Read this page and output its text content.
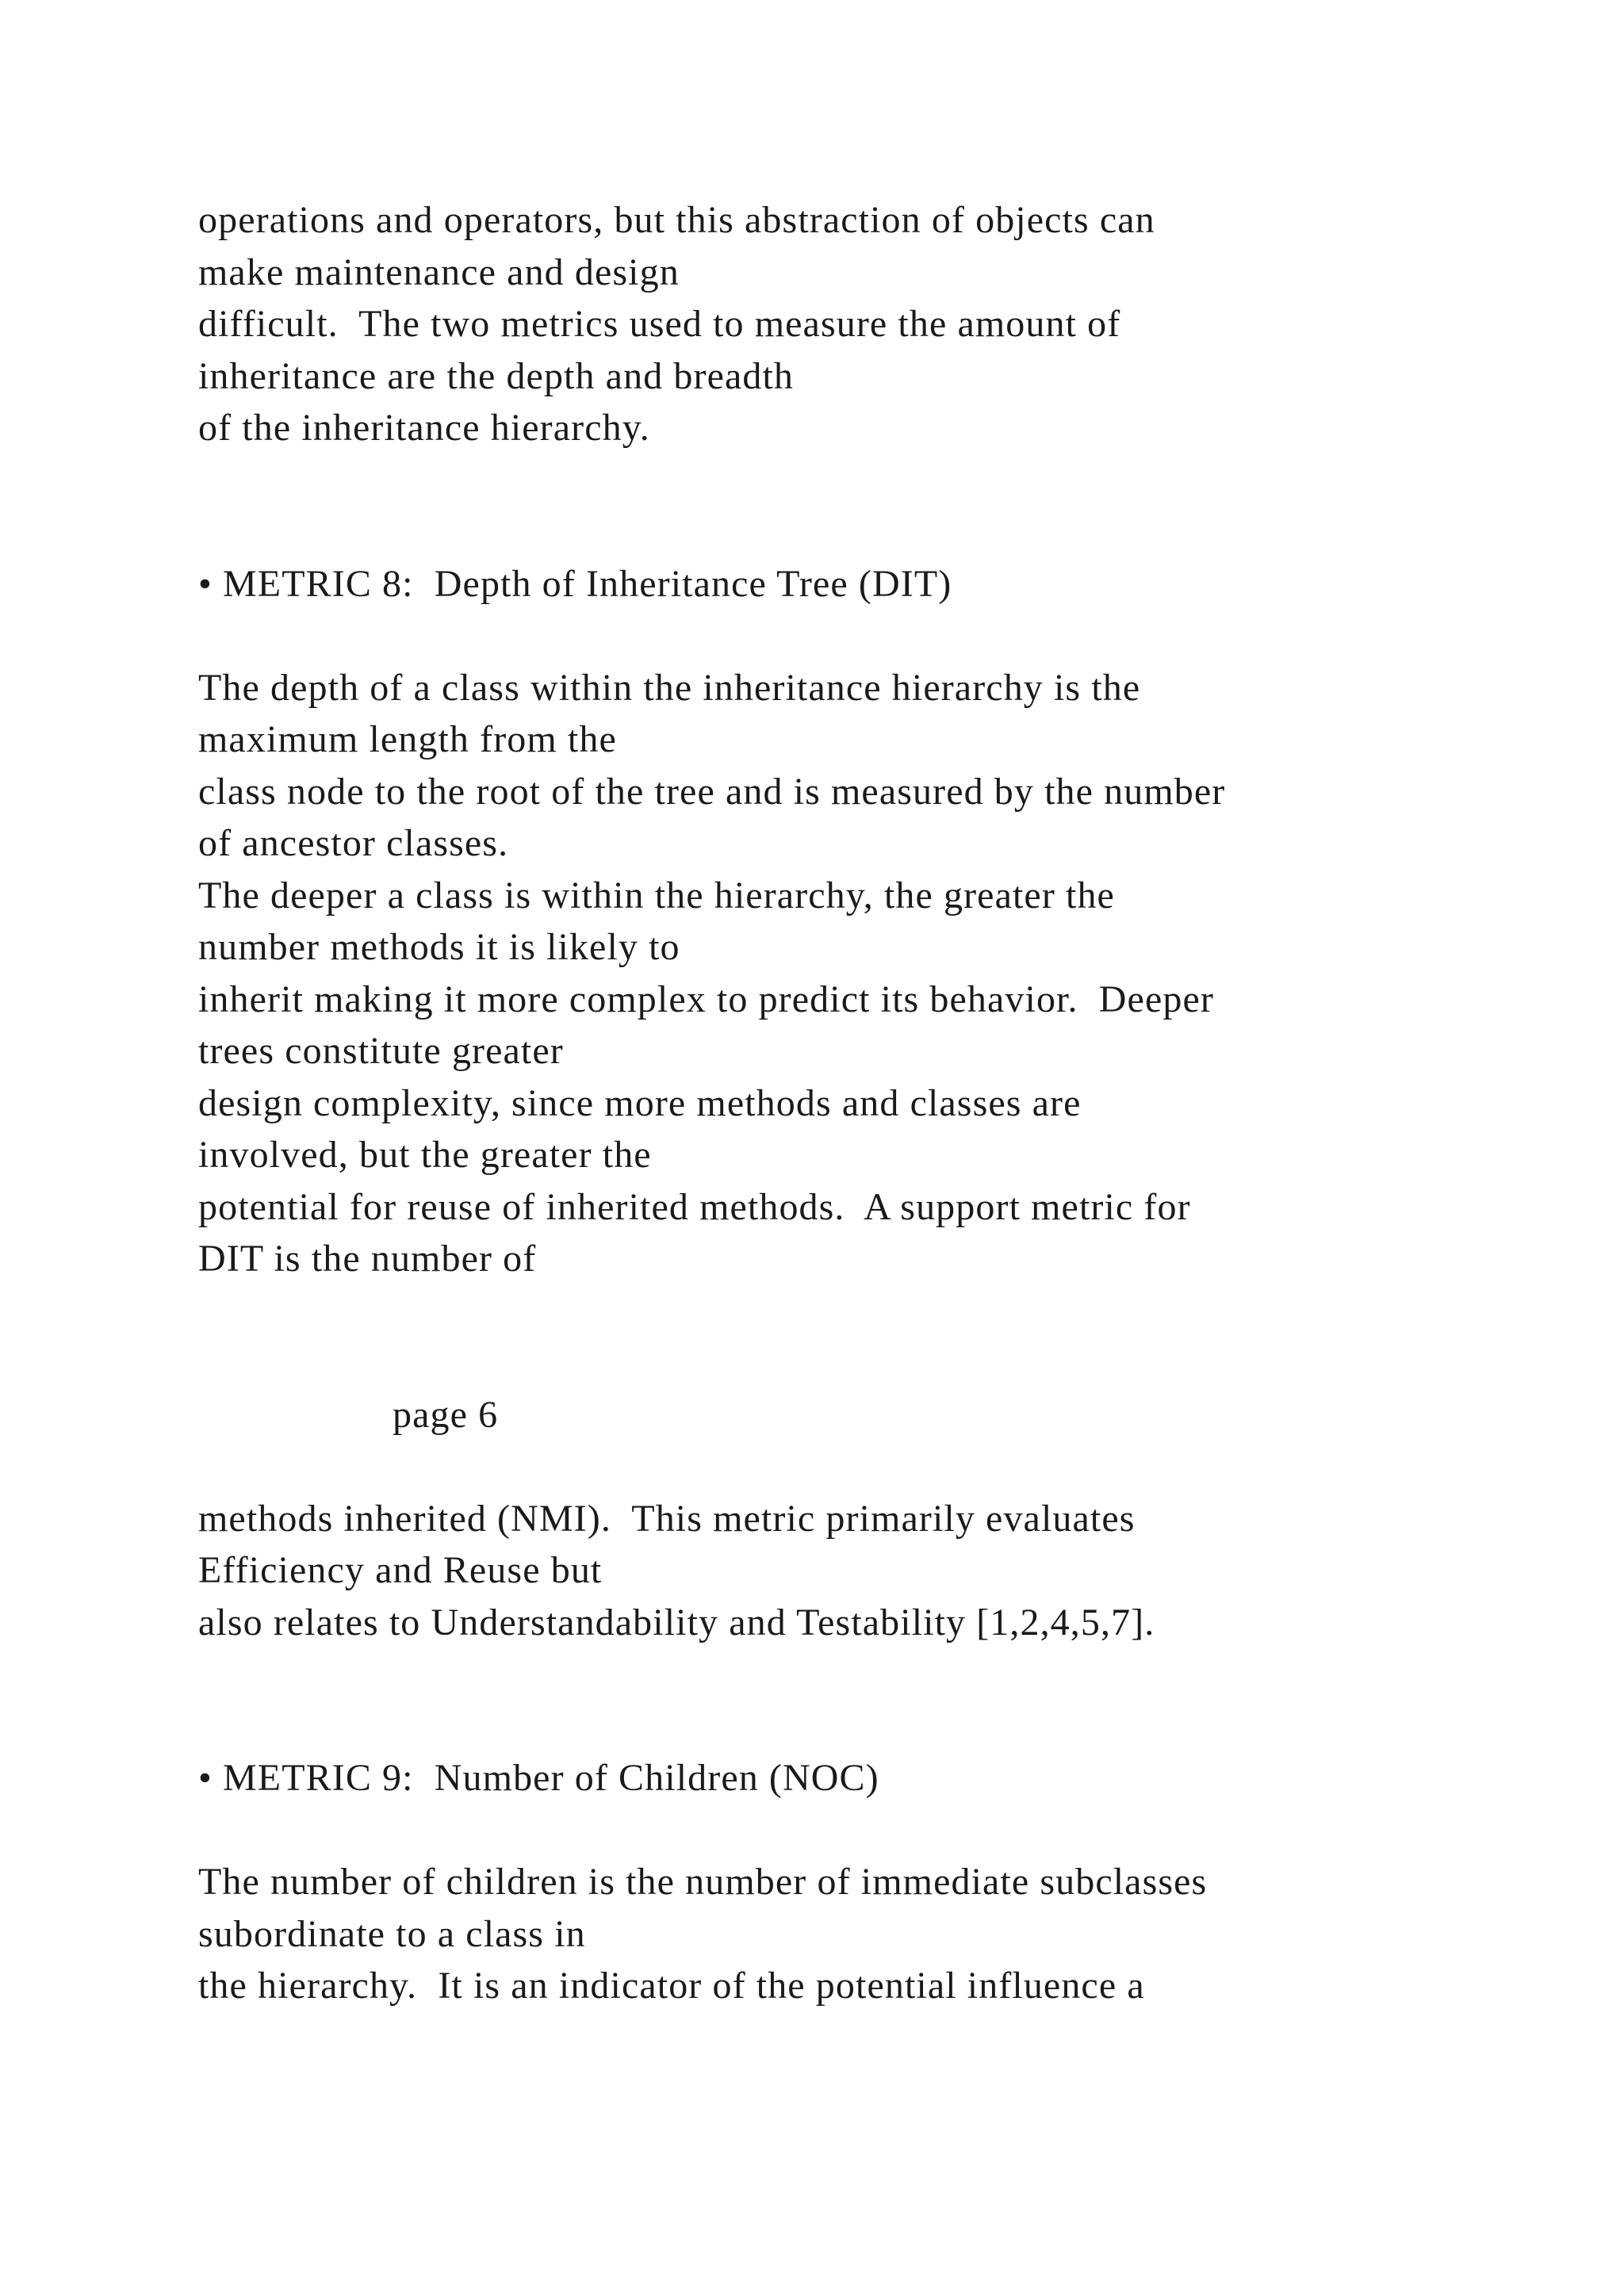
operations and operators, but this abstraction of objects can
make maintenance and design
difficult.  The two metrics used to measure the amount of
inheritance are the depth and breadth
of the inheritance hierarchy.
• METRIC 8:  Depth of Inheritance Tree (DIT)
The depth of a class within the inheritance hierarchy is the
maximum length from the
class node to the root of the tree and is measured by the number
of ancestor classes.
The deeper a class is within the hierarchy, the greater the
number methods it is likely to
inherit making it more complex to predict its behavior.  Deeper
trees constitute greater
design complexity, since more methods and classes are
involved, but the greater the
potential for reuse of inherited methods.  A support metric for
DIT is the number of
page 6
methods inherited (NMI).  This metric primarily evaluates
Efficiency and Reuse but
also relates to Understandability and Testability [1,2,4,5,7].
• METRIC 9:  Number of Children (NOC)
The number of children is the number of immediate subclasses
subordinate to a class in
the hierarchy.  It is an indicator of the potential influence a
